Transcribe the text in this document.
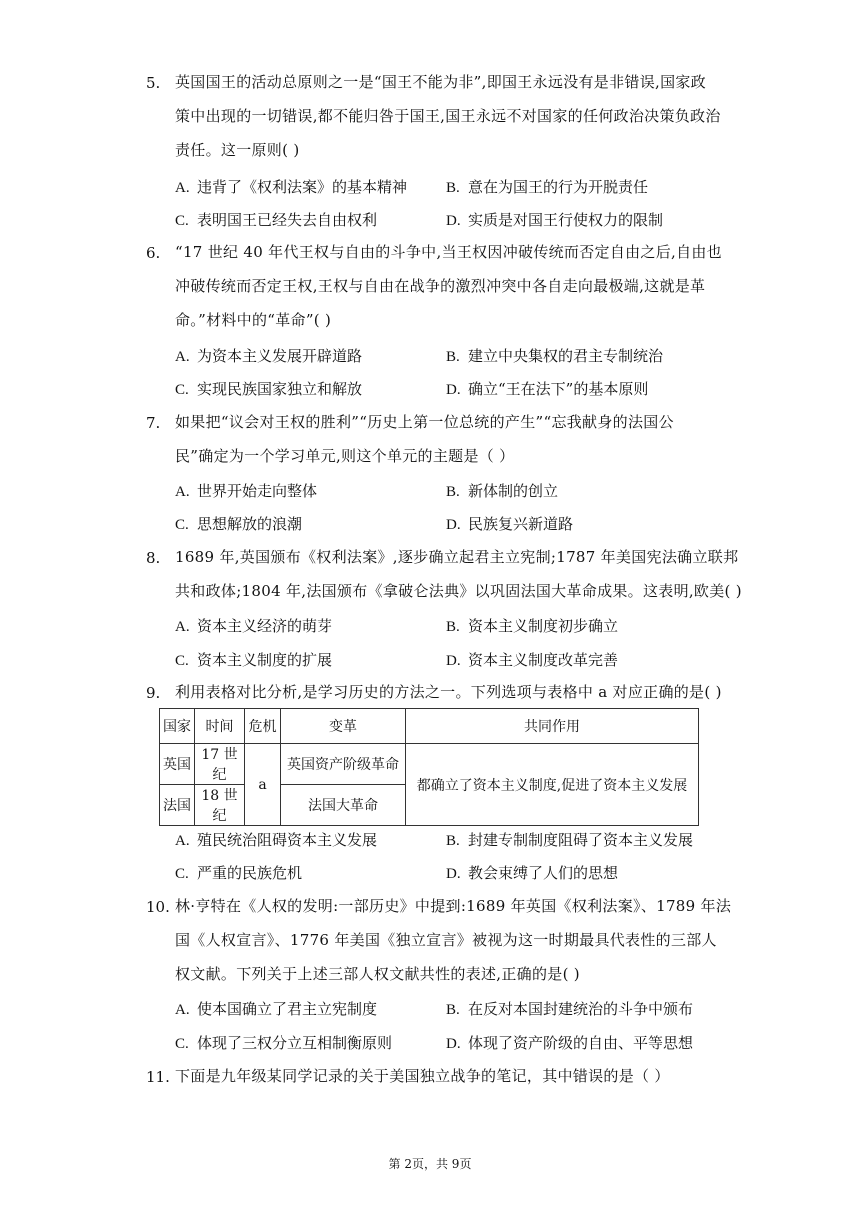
5. 英国国王的活动总原则之一是“国王不能为非”,即国王永远没有是非错误,国家政
策中出现的一切错误,都不能归咎于国王,国王永远不对国家的任何政治决策负政治
责任。这一原则( )
A. 违背了《权利法案》的基本精神	B. 意在为国王的行为开脱责任
C. 表明国王已经失去自由权利	D. 实质是对国王行使权力的限制
6. “17 世纪 40 年代王权与自由的斗争中,当王权因冲破传统而否定自由之后,自由也
冲破传统而否定王权,王权与自由在战争的激烈冲突中各自走向最极端,这就是革
命。”材料中的“革命”( )
A. 为资本主义发展开辟道路	B. 建立中央集权的君主专制统治
C. 实现民族国家独立和解放	D. 确立“王在法下”的基本原则
7. 如果把“议会对王权的胜利”“历史上第一位总统的产生”“忘我献身的法国公
民”确定为一个学习单元,则这个单元的主题是（ ）
A. 世界开始走向整体	B. 新体制的创立
C. 思想解放的浪潮	D. 民族复兴新道路
8. 1689 年,英国颁布《权利法案》,逐步确立起君主立宪制;1787 年美国宪法确立联邦
共和政体;1804 年,法国颁布《拿破仑法典》以巩固法国大革命成果。这表明,欧美( )
A. 资本主义经济的萌芽	B. 资本主义制度初步确立
C. 资本主义制度的扩展	D. 资本主义制度改革完善
9. 利用表格对比分析,是学习历史的方法之一。下列选项与表格中 a 对应正确的是( )
国家	时间	危机	变革	共同作用
英国	17 世纪	a	英国资产阶级革命	都确立了资本主义制度,促进了资本主义发展
法国	18 世纪		法国大革命	
A. 殖民统治阻碍资本主义发展	B. 封建专制制度阻碍了资本主义发展
C. 严重的民族危机	D. 教会束缚了人们的思想
10. 林·亨特在《人权的发明:一部历史》中提到:1689 年英国《权利法案》、1789 年法
国《人权宣言》、1776 年美国《独立宣言》被视为这一时期最具代表性的三部人
权文献。下列关于上述三部人权文献共性的表述,正确的是( )
A. 使本国确立了君主立宪制度	B. 在反对本国封建统治的斗争中颁布
C. 体现了三权分立互相制衡原则	D. 体现了资产阶级的自由、平等思想
11. 下面是九年级某同学记录的关于美国独立战争的笔记，其中错误的是（ ）
第 2页，共 9页
